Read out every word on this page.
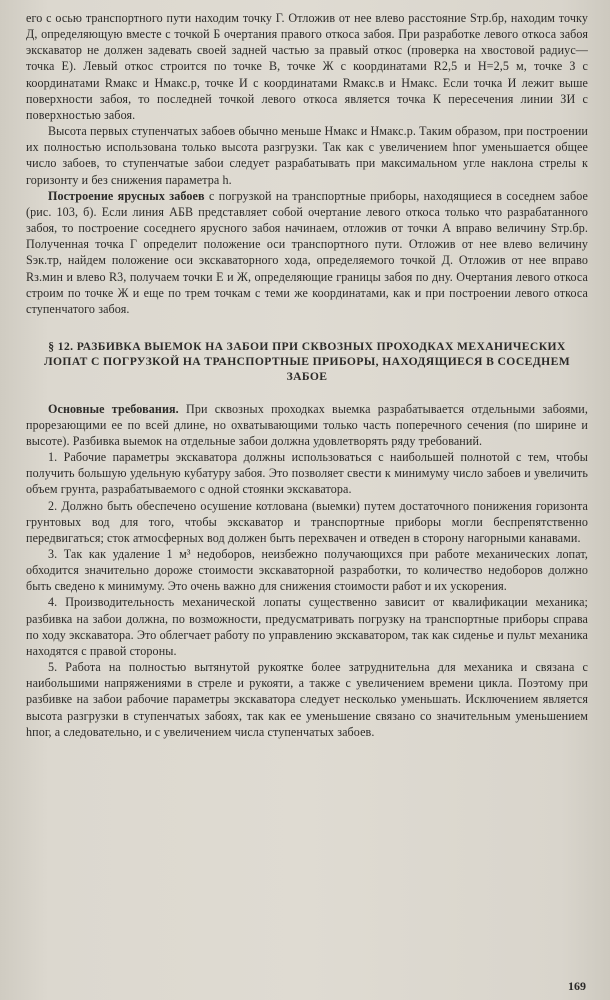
его с осью транспортного пути находим точку Г. Отложив от нее влево расстояние Sтр.бр, находим точку Д, определяющую вместе с точкой Б очертания правого откоса забоя. При разработке левого откоса забоя экскаватор не должен задевать своей задней частью за правый откос (проверка на хвостовой радиус—точка Е). Левый откос строится по точке В, точке Ж с координатами R2,5 и H=2,5 м, точке З с координатами Rмакс и Hмакс.р, точке И с координатами Rмакс.в и Hмакс. Если точка И лежит выше поверхности забоя, то последней точкой левого откоса является точка К пересечения линии ЗИ с поверхностью забоя.

Высота первых ступенчатых забоев обычно меньше Hмакс и Hмакс.р. Таким образом, при построении их полностью использована только высота разгрузки. Так как с увеличением hпог уменьшается общее число забоев, то ступенчатые забои следует разрабатывать при максимальном угле наклона стрелы к горизонту и без снижения параметра h.

Построение ярусных забоев с погрузкой на транспортные приборы, находящиеся в соседнем забое (рис. 103, б). Если линия АБВ представляет собой очертание левого откоса только что разрабатанного забоя, то построение соседнего ярусного забоя начинаем, отложив от точки А вправо величину Sтр.бр. Полученная точка Г определит положение оси транспортного пути. Отложив от нее влево величину Sэк.тр, найдем положение оси экскаваторного хода, определяемого точкой Д. Отложив от нее вправо Rз.мин и влево R3, получаем точки Е и Ж, определяющие границы забоя по дну. Очертания левого откоса строим по точке Ж и еще по трем точкам с теми же координатами, как и при построении левого откоса ступенчатого забоя.

§ 12. РАЗБИВКА ВЫЕМОК НА ЗАБОИ ПРИ СКВОЗНЫХ ПРОХОДКАХ МЕХАНИЧЕСКИХ ЛОПАТ С ПОГРУЗКОЙ НА ТРАНСПОРТНЫЕ ПРИБОРЫ, НАХОДЯЩИЕСЯ В СОСЕДНЕМ ЗАБОЕ

Основные требования. При сквозных проходках выемка разрабатывается отдельными забоями, прорезающими ее по всей длине, но охватывающими только часть поперечного сечения (по ширине и высоте). Разбивка выемок на отдельные забои должна удовлетворять ряду требований.

1. Рабочие параметры экскаватора должны использоваться с наибольшей полнотой с тем, чтобы получить большую удельную кубатуру забоя. Это позволяет свести к минимуму число забоев и увеличить объем грунта, разрабатываемого с одной стоянки экскаватора.

2. Должно быть обеспечено осушение котлована (выемки) путем достаточного понижения горизонта грунтовых вод для того, чтобы экскаватор и транспортные приборы могли беспрепятственно передвигаться; сток атмосферных вод должен быть перехвачен и отведен в сторону нагорными канавами.

3. Так как удаление 1 м³ недоборов, неизбежно получающихся при работе механических лопат, обходится значительно дороже стоимости экскаваторной разработки, то количество недоборов должно быть сведено к минимуму. Это очень важно для снижения стоимости работ и их ускорения.

4. Производительность механической лопаты существенно зависит от квалификации механика; разбивка на забои должна, по возможности, предусматривать погрузку на транспортные приборы справа по ходу экскаватора. Это облегчает работу по управлению экскаватором, так как сиденье и пульт механика находятся с правой стороны.

5. Работа на полностью вытянутой рукоятке более затруднительна для механика и связана с наибольшими напряжениями в стреле и рукояти, а также с увеличением времени цикла. Поэтому при разбивке на забои рабочие параметры экскаватора следует несколько уменьшать. Исключением является высота разгрузки в ступенчатых забоях, так как ее уменьшение связано со значительным уменьшением hпог, а следовательно, и с увеличением числа ступенчатых забоев.

169
